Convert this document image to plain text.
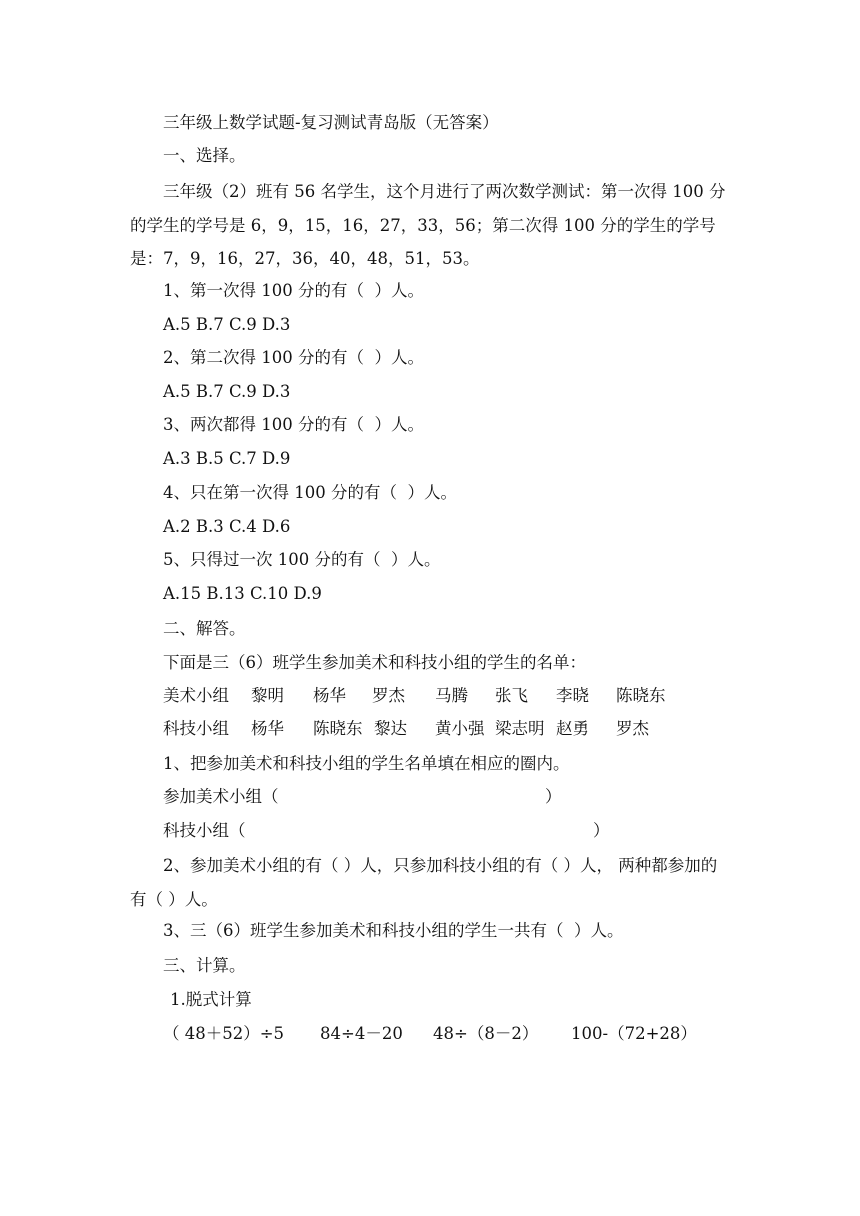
三年级上数学试题-复习测试青岛版（无答案）
一、选择。
三年级（2）班有 56 名学生，这个月进行了两次数学测试：第一次得 100 分的学生的学号是 6，9，15，16，27，33，56；第二次得 100 分的学生的学号是：7，9，16，27，36，40，48，51，53。
1、第一次得 100 分的有（  ）人。
A.5 B.7 C.9 D.3
2、第二次得 100 分的有（  ）人。
A.5 B.7 C.9 D.3
3、两次都得 100 分的有（  ）人。
A.3 B.5 C.7 D.9
4、只在第一次得 100 分的有（  ）人。
A.2 B.3 C.4 D.6
5、只得过一次 100 分的有（  ）人。
A.15 B.13 C.10 D.9
二、解答。
下面是三（6）班学生参加美术和科技小组的学生的名单：
美术小组 黎明 杨华 罗杰 马腾 张飞 李晓 陈晓东
科技小组 杨华 陈晓东 黎达 黄小强 梁志明 赵勇 罗杰
1、把参加美术和科技小组的学生名单填在相应的圈内。
参加美术小组（	）
科技小组（	）
2、参加美术小组的有（ ）人，只参加科技小组的有（ ）人， 两种都参加的有（ ）人。
3、三（6）班学生参加美术和科技小组的学生一共有（  ）人。
三、计算。
1.脱式计算
（ 48＋52）÷5 84÷4－20 48÷（8－2） 100-（72+28）
